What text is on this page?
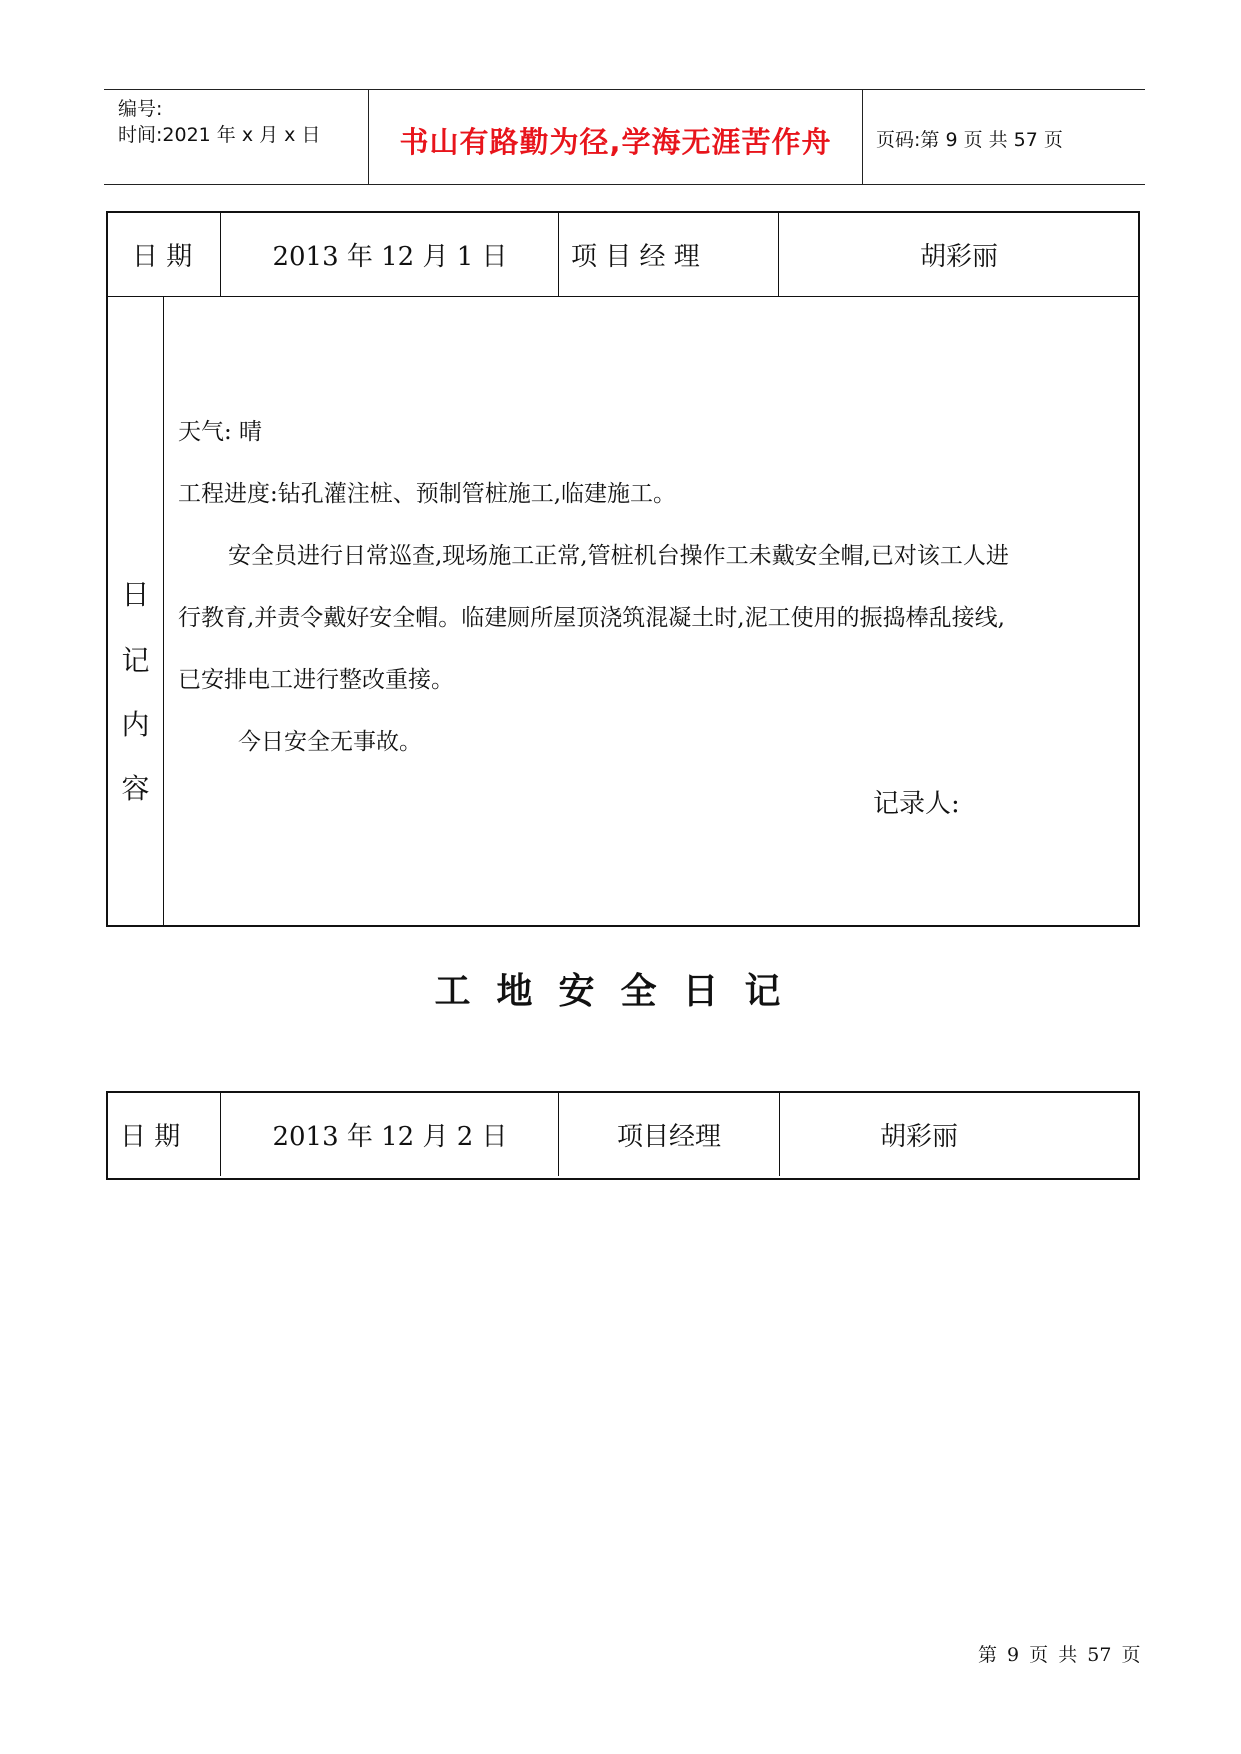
编号:
时间:2021 年 x 月 x 日	书山有路勤为径,学海无涯苦作舟	页码:第 9 页 共 57 页
日 期	2013 年 12 月 1 日	项 目 经 理	胡彩丽
日
记
内
容

天气: 晴

工程进度:钻孔灌注桩、预制管桩施工,临建施工。

安全员进行日常巡查,现场施工正常,管桩机台操作工未戴安全帽,已对该工人进

行教育,并责令戴好安全帽。临建厕所屋顶浇筑混凝土时,泥工使用的振捣棒乱接线,

已安排电工进行整改重接。

今日安全无事故。

记录人:

工地安全日记
日 期	2013 年 12 月 2 日	项目经理	胡彩丽
第 9 页 共 57 页
